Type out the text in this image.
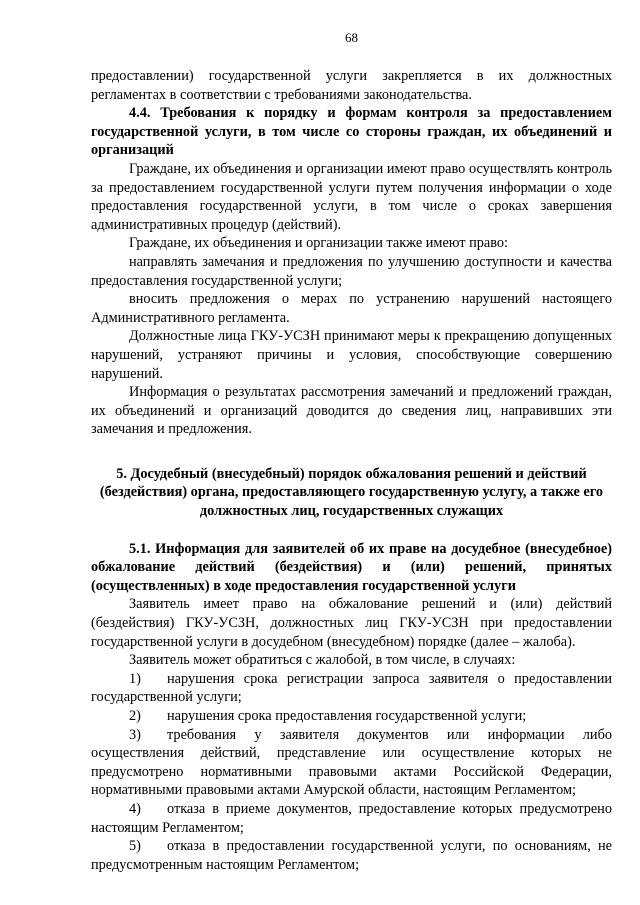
68

предоставлении) государственной услуги закрепляется в их должностных регламентах в соответствии с требованиями законодательства.

4.4. Требования к порядку и формам контроля за предоставлением государственной услуги, в том числе со стороны граждан, их объединений и организаций

Граждане, их объединения и организации имеют право осуществлять контроль за предоставлением государственной услуги путем получения информации о ходе предоставления государственной услуги, в том числе о сроках завершения административных процедур (действий).

Граждане, их объединения и организации также имеют право:

направлять замечания и предложения по улучшению доступности и качества предоставления государственной услуги;

вносить предложения о мерах по устранению нарушений настоящего Административного регламента.

Должностные лица ГКУ-УСЗН принимают меры к прекращению допущенных нарушений, устраняют причины и условия, способствующие совершению нарушений.

Информация о результатах рассмотрения замечаний и предложений граждан, их объединений и организаций доводится до сведения лиц, направивших эти замечания и предложения.

5. Досудебный (внесудебный) порядок обжалования решений и действий (бездействия) органа, предоставляющего государственную услугу, а также его должностных лиц, государственных служащих

5.1. Информация для заявителей об их праве на досудебное (внесудебное) обжалование действий (бездействия) и (или) решений, принятых (осуществленных) в ходе предоставления государственной услуги

Заявитель имеет право на обжалование решений и (или) действий (бездействия) ГКУ-УСЗН, должностных лиц ГКУ-УСЗН при предоставлении государственной услуги в досудебном (внесудебном) порядке (далее – жалоба).

Заявитель может обратиться с жалобой, в том числе, в случаях:

1) нарушения срока регистрации запроса заявителя о предоставлении государственной услуги;

2) нарушения срока предоставления государственной услуги;

3) требования у заявителя документов или информации либо осуществления действий, представление или осуществление которых не предусмотрено нормативными правовыми актами Российской Федерации, нормативными правовыми актами Амурской области, настоящим Регламентом;

4) отказа в приеме документов, предоставление которых предусмотрено настоящим Регламентом;

5) отказа в предоставлении государственной услуги, по основаниям, не предусмотренным настоящим Регламентом;
